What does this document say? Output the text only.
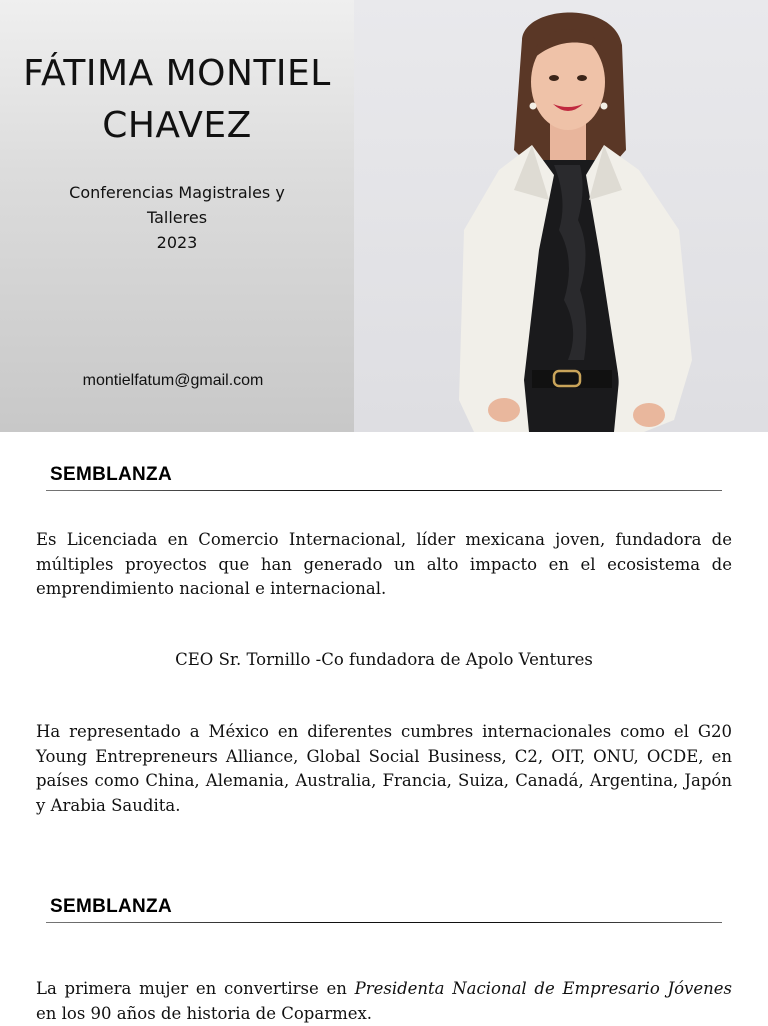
FÁTIMA MONTIEL
CHAVEZ
Conferencias Magistrales y
Talleres
2023
montielfatum@gmail.com
SEMBLANZA
Es Licenciada en Comercio Internacional, líder mexicana joven, fundadora de múltiples proyectos que han generado un alto impacto en el ecosistema de emprendimiento nacional e internacional.
CEO Sr. Tornillo -Co fundadora de Apolo Ventures
Ha representado a México en diferentes cumbres internacionales como el G20 Young Entrepreneurs Alliance, Global Social Business, C2, OIT, ONU, OCDE, en países como China, Alemania, Australia, Francia, Suiza, Canadá, Argentina, Japón y Arabia Saudita.
SEMBLANZA
La primera mujer en convertirse en Presidenta Nacional de Empresario Jóvenes en los 90 años de historia de Coparmex.
